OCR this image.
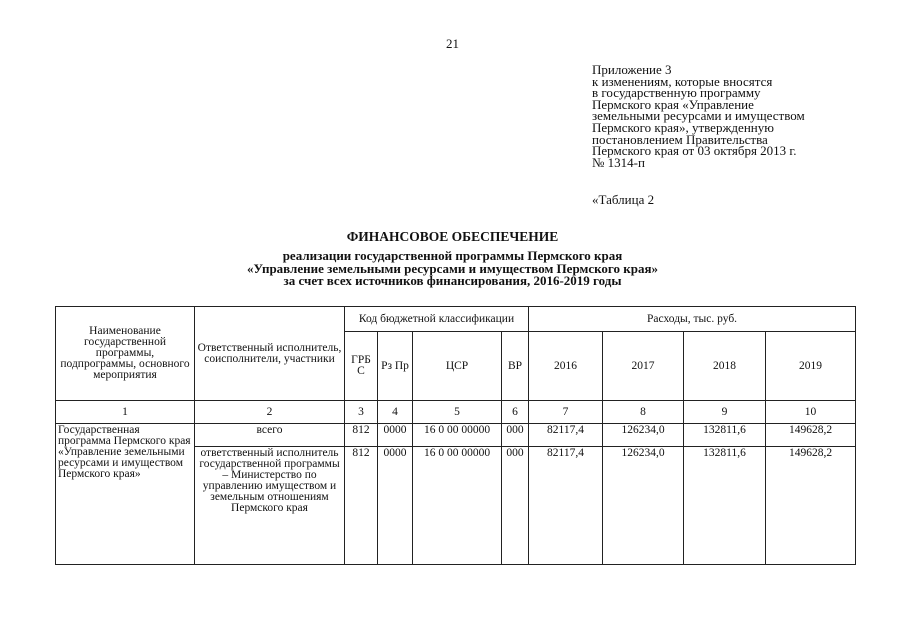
21
Приложение 3
к изменениям, которые вносятся
в государственную программу
Пермского края «Управление
земельными ресурсами и имуществом
Пермского края», утвержденную
постановлением Правительства
Пермского края от 03 октября 2013 г.
№ 1314-п
«Таблица 2
ФИНАНСОВОЕ ОБЕСПЕЧЕНИЕ
реализации государственной программы Пермского края
«Управление земельными ресурсами и имуществом Пермского края»
за счет всех источников финансирования, 2016-2019 годы
Наименование государственной программы, подпрограммы, основного мероприятия	Ответственный исполнитель, соисполнители, участники	Код бюджетной классификации				Расходы, тыс. руб.			
		ГРБ С	Рз Пр	ЦСР	ВР	2016	2017	2018	2019
1	2	3	4	5	6	7	8	9	10
Государственная программа Пермского края «Управление земельными ресурсами и имуществом Пермского края»	всего	812	0000	16 0 00 00000	000	82117,4	126234,0	132811,6	149628,2
	ответственный исполнитель государственной программы – Министерство по управлению имуществом и земельным отношениям Пермского края	812	0000	16 0 00 00000	000	82117,4	126234,0	132811,6	149628,2
